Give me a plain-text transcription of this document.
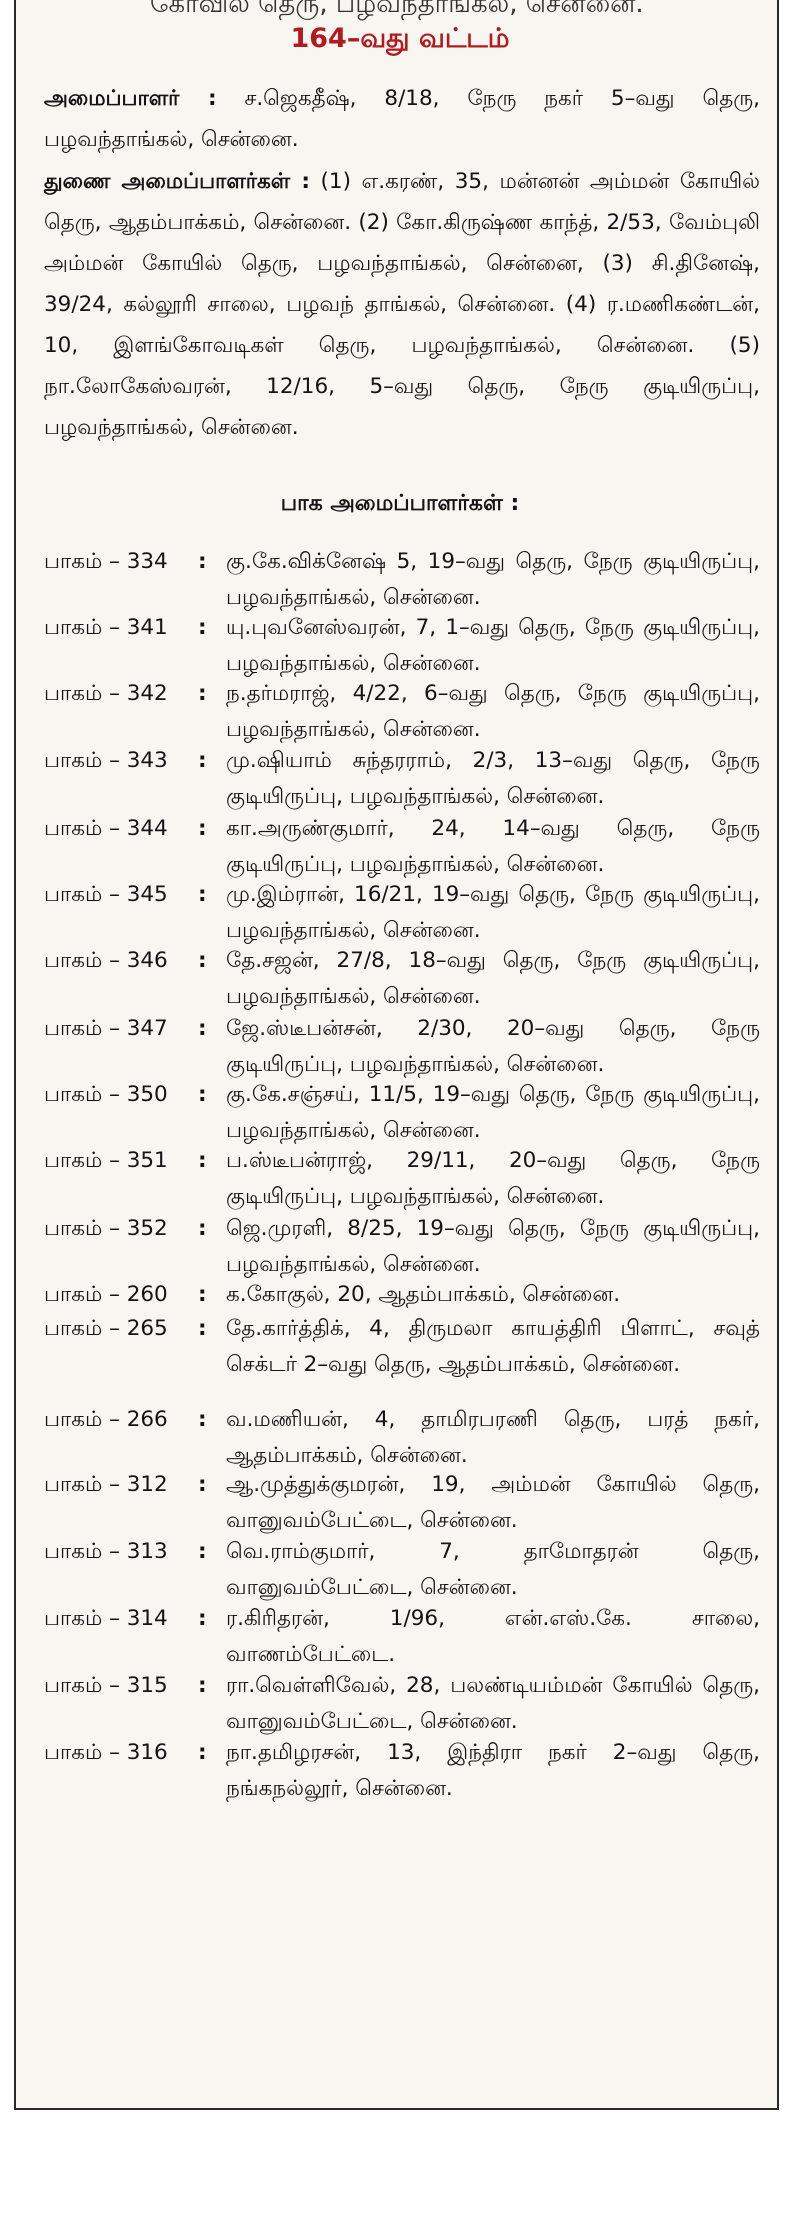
164–வது வட்டம்
அமைப்பாளர் : ச.ஜெகதீஷ், 8/18, நேரு நகர் 5–வது தெரு, பழவந்தாங்கல், சென்னை.
துணை அமைப்பாளர்கள் : (1) எ.கரண், 35, மன்னன் அம்மன் கோயில் தெரு, ஆதம்பாக்கம், சென்னை. (2) கோ.கிருஷ்ண காந்த், 2/53, வேம்புலி அம்மன் கோயில் தெரு, பழவந்தாங்கல், சென்னை, (3) சி.தினேஷ், 39/24, கல்லூரி சாலை, பழவந் தாங்கல், சென்னை. (4) ர.மணிகண்டன், 10, இளங்கோவடிகள் தெரு, பழவந்தாங்கல், சென்னை. (5) நா.லோகேஸ்வரன், 12/16, 5–வது தெரு, நேரு குடியிருப்பு, பழவந்தாங்கல், சென்னை.
பாக அமைப்பாளர்கள் :
பாகம் – 334	: கு.கே.விக்னேஷ் 5, 19–வது தெரு, நேரு குடியிருப்பு, பழவந்தாங்கல், சென்னை.
பாகம் – 341	: யு.புவனேஸ்வரன், 7, 1–வது தெரு, நேரு குடியிருப்பு, பழவந்தாங்கல், சென்னை.
பாகம் – 342	: ந.தர்மராஜ், 4/22, 6–வது தெரு, நேரு குடியிருப்பு, பழவந்தாங்கல், சென்னை.
பாகம் – 343	: மு.ஷியாம் சுந்தரராம், 2/3, 13–வது தெரு, நேரு குடியிருப்பு, பழவந்தாங்கல், சென்னை.
பாகம் – 344	: கா.அருண்குமார், 24, 14–வது தெரு, நேரு குடியிருப்பு, பழவந்தாங்கல், சென்னை.
பாகம் – 345	: மு.இம்ரான், 16/21, 19–வது தெரு, நேரு குடியிருப்பு, பழவந்தாங்கல், சென்னை.
பாகம் – 346	: தே.சஜன், 27/8, 18–வது தெரு, நேரு குடியிருப்பு, பழவந்தாங்கல், சென்னை.
பாகம் – 347	: ஜே.ஸ்டீபன்சன், 2/30, 20–வது தெரு, நேரு குடியிருப்பு, பழவந்தாங்கல், சென்னை.
பாகம் – 350	: கு.கே.சஞ்சய், 11/5, 19–வது தெரு, நேரு குடியிருப்பு, பழவந்தாங்கல், சென்னை.
பாகம் – 351	: ப.ஸ்டீபன்ராஜ், 29/11, 20–வது தெரு, நேரு குடியிருப்பு, பழவந்தாங்கல், சென்னை.
பாகம் – 352	: ஜெ.முரளி, 8/25, 19–வது தெரு, நேரு குடியிருப்பு, பழவந்தாங்கல், சென்னை.
பாகம் – 260	: க.கோகுல், 20, ஆதம்பாக்கம், சென்னை.
பாகம் – 265	: தே.கார்த்திக், 4, திருமலா காயத்திரி பிளாட், சவுத் செக்டர் 2–வது தெரு, ஆதம்பாக்கம், சென்னை.
பாகம் – 266	: வ.மணியன், 4, தாமிரபரணி தெரு, பரத் நகர், ஆதம்பாக்கம், சென்னை.
பாகம் – 312	: ஆ.முத்துக்குமரன், 19, அம்மன் கோயில் தெரு, வானுவம்பேட்டை, சென்னை.
பாகம் – 313	: வெ.ராம்குமார், 7, தாமோதரன் தெரு, வானுவம்பேட்டை, சென்னை.
பாகம் – 314	: ர.கிரிதரன், 1/96, என்.எஸ்.கே. சாலை, வாணம்பேட்டை.
பாகம் – 315	: ரா.வெள்ளிவேல், 28, பலண்டியம்மன் கோயில் தெரு, வானுவம்பேட்டை, சென்னை.
பாகம் – 316	: நா.தமிழரசன், 13, இந்திரா நகர் 2–வது தெரு, நங்கநல்லூர், சென்னை.
